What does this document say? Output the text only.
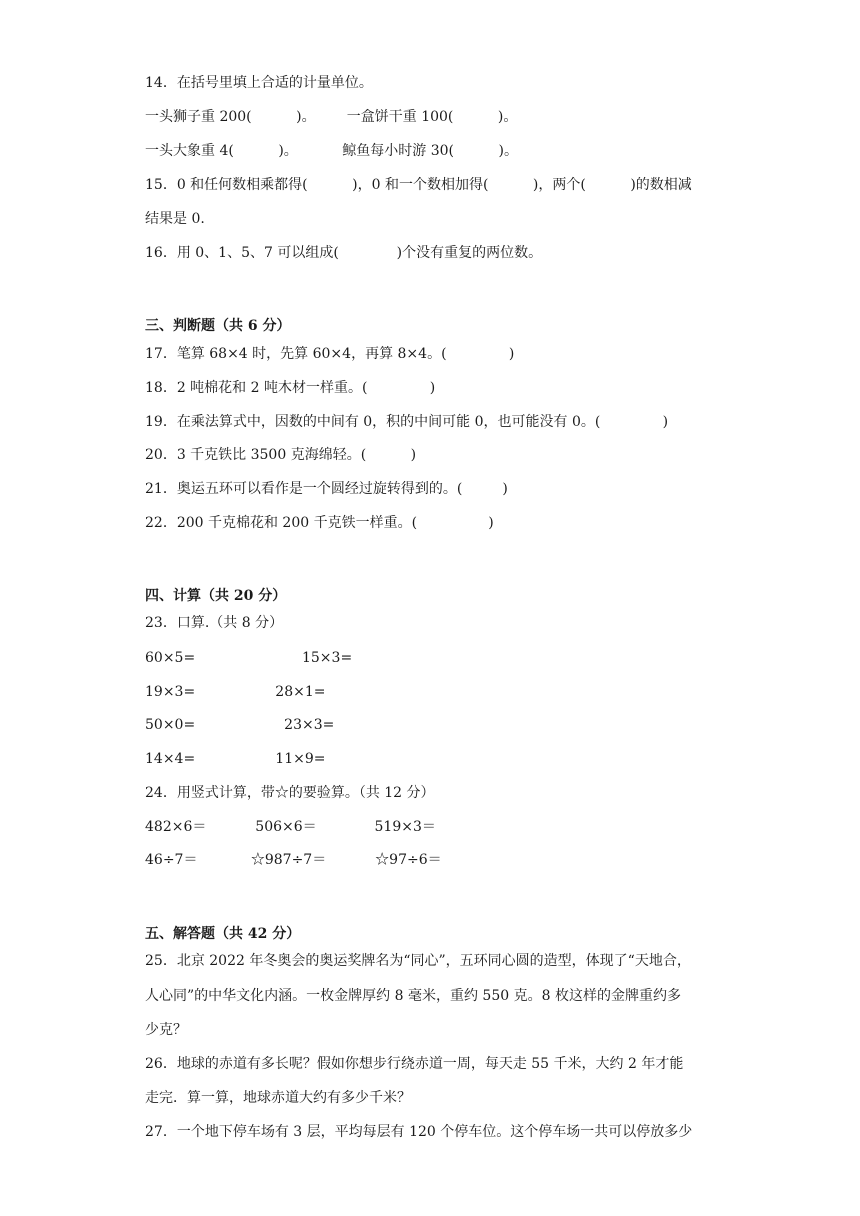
14．在括号里填上合适的计量单位。
一头狮子重 200(          )。       一盒饼干重 100(          )。
一头大象重 4(          )。          鲸鱼每小时游 30(          )。
15．0 和任何数相乘都得(          )，0 和一个数相加得(          )，两个(          )的数相减
结果是 0.
16．用 0、1、5、7 可以组成(             )个没有重复的两位数。
三、判断题（共 6 分）
17．笔算 68×4 时，先算 60×4，再算 8×4。(              )
18．2 吨棉花和 2 吨木材一样重。(              )
19．在乘法算式中，因数的中间有 0，积的中间可能 0，也可能没有 0。(              )
20．3 千克铁比 3500 克海绵轻。(          )
21．奥运五环可以看作是一个圆经过旋转得到的。(         )
22．200 千克棉花和 200 千克铁一样重。(                )
四、计算（共 20 分）
23．口算.（共 8 分）
60×5=                        15×3=
19×3=                  28×1=
50×0=                    23×3=
14×4=                  11×9=
24．用竖式计算，带☆的要验算。（共 12 分）
482×6＝           506×6＝             519×3＝
46÷7＝            ☆987÷7＝           ☆97÷6＝
五、解答题（共 42 分）
25．北京 2022 年冬奥会的奥运奖牌名为“同心”，五环同心圆的造型，体现了“天地合，
人心同”的中华文化内涵。一枚金牌厚约 8 毫米，重约 550 克。8 枚这样的金牌重约多
少克？
26．地球的赤道有多长呢？假如你想步行绕赤道一周，每天走 55 千米，大约 2 年才能
走完．算一算，地球赤道大约有多少千米？
27．一个地下停车场有 3 层，平均每层有 120 个停车位。这个停车场一共可以停放多少
